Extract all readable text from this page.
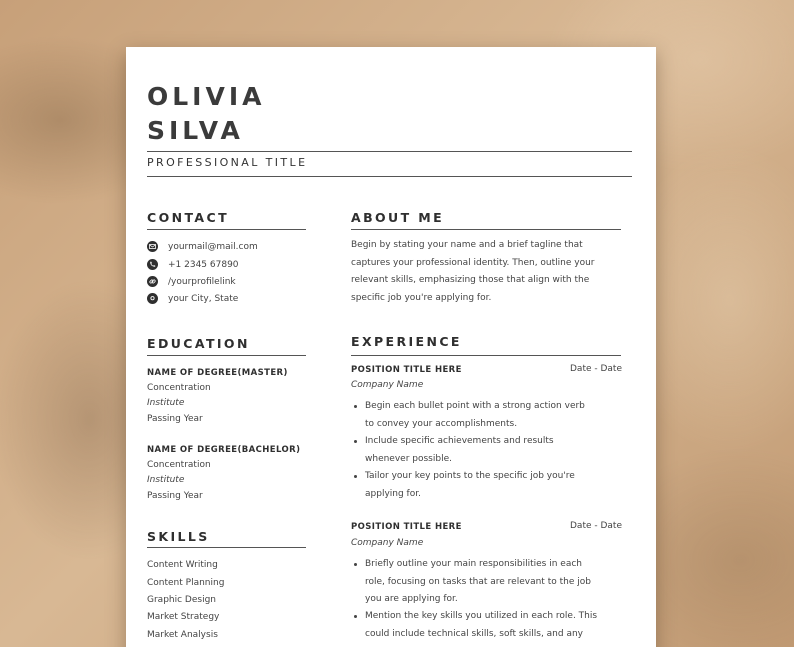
OLIVIA
SILVA
PROFESSIONAL TITLE
CONTACT
yourmail@mail.com
+1 2345 67890
/yourprofilelink
your City, State
ABOUT ME
Begin by stating your name and a brief tagline that
captures your professional identity. Then, outline your
relevant skills, emphasizing those that align with the
specific job you're applying for.
EDUCATION
NAME OF DEGREE(MASTER)
Concentration
Institute
Passing Year
NAME OF DEGREE(BACHELOR)
Concentration
Institute
Passing Year
SKILLS
Content Writing
Content Planning
Graphic Design
Market Strategy
Market Analysis
EXPERIENCE
POSITION TITLE HERE	Date - Date
Company Name
Begin each bullet point with a strong action verb
to convey your accomplishments.
Include specific achievements and results
whenever possible.
Tailor your key points to the specific job you're
applying for.
POSITION TITLE HERE	Date - Date
Company Name
Briefly outline your main responsibilities in each
role, focusing on tasks that are relevant to the job
you are applying for.
Mention the key skills you utilized in each role. This
could include technical skills, soft skills, and any
